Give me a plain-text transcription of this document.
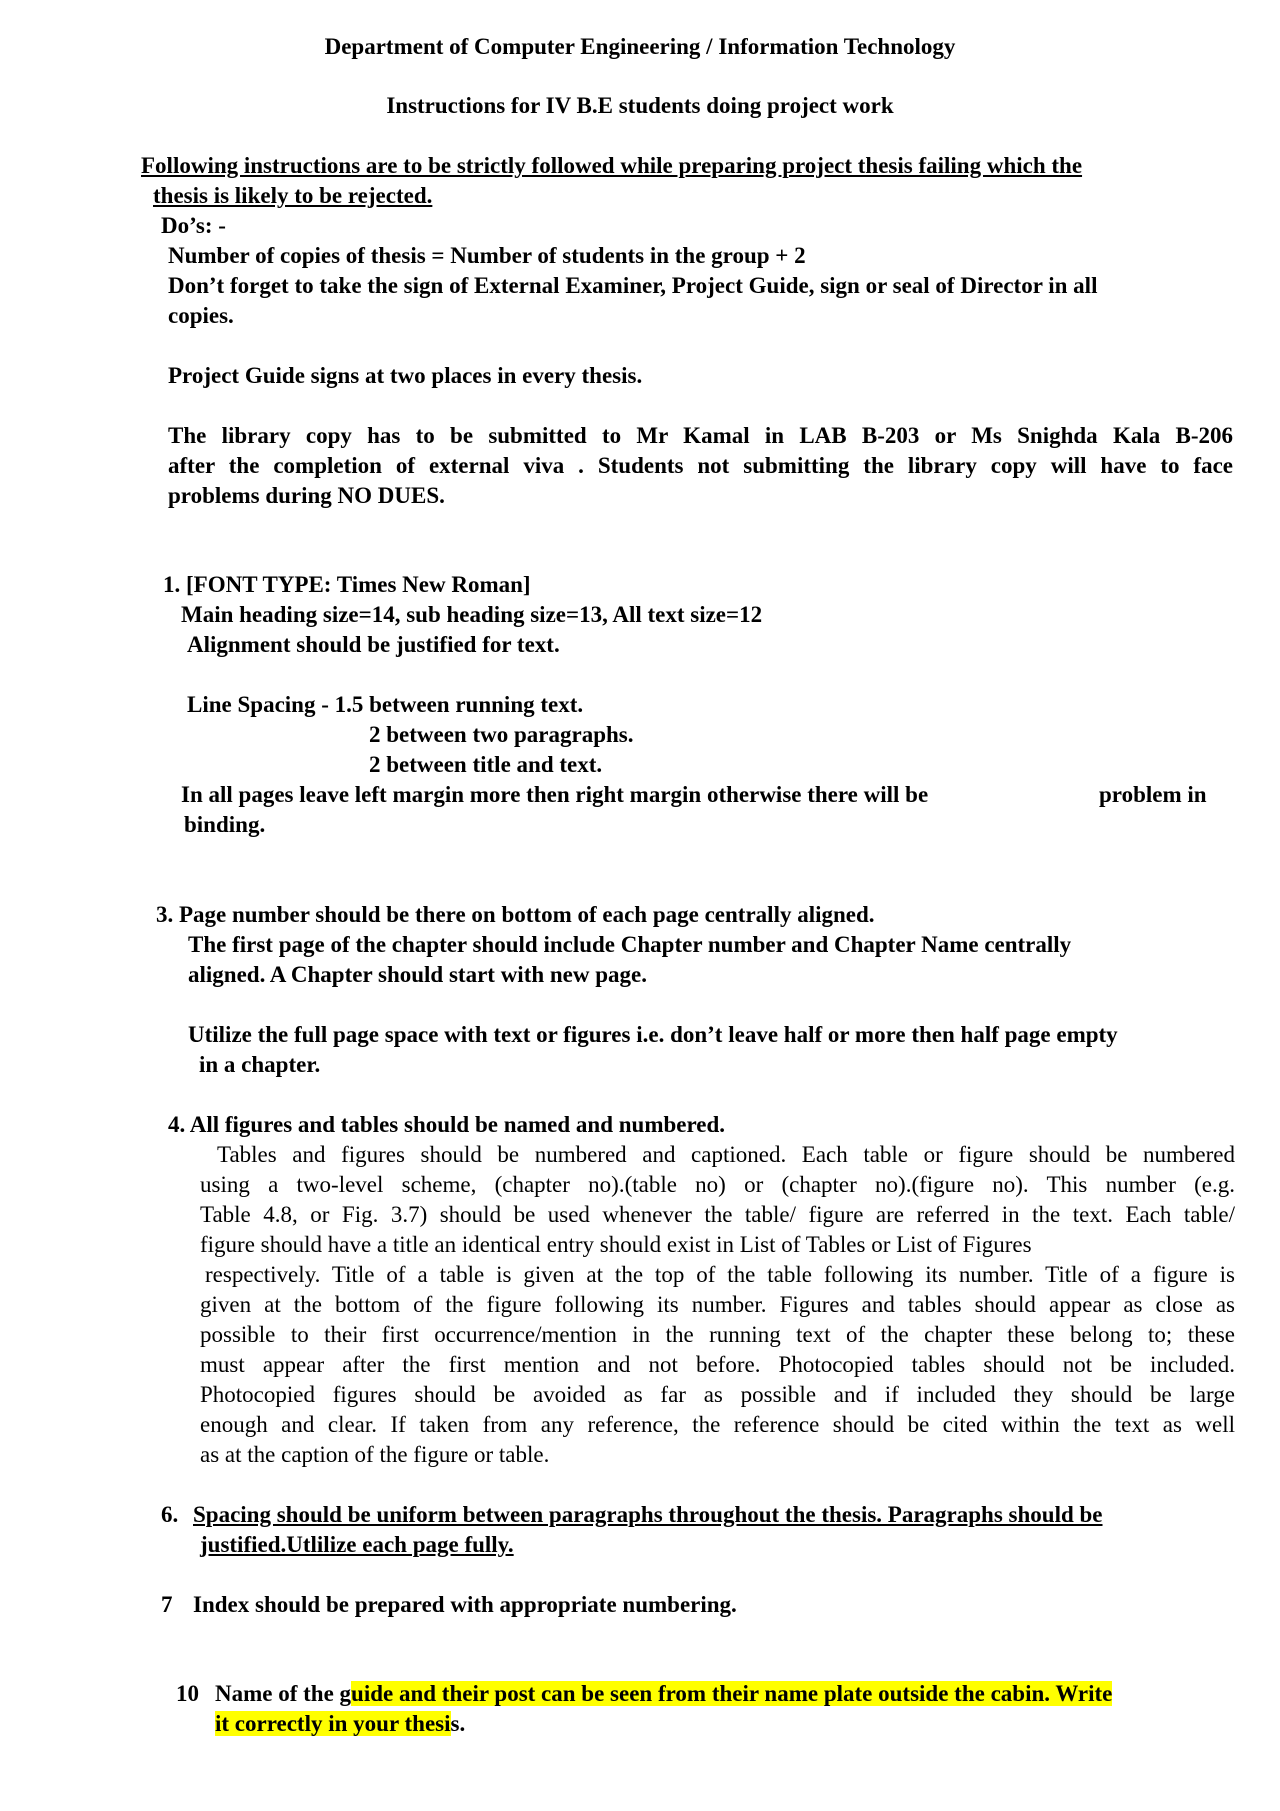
Department of Computer Engineering / Information Technology
Instructions for IV B.E students doing project work
Following instructions are to be strictly followed while preparing project thesis failing which the
thesis is likely to be rejected.
Do’s: -
Number of copies of thesis = Number of students in the group + 2
Don’t forget to take the sign of External Examiner, Project Guide, sign or seal of Director in all
copies.
Project Guide signs at two places in every thesis.
The library copy has to be submitted to Mr Kamal in LAB B-203 or Ms Snighda Kala B-206
after the completion of external viva . Students not submitting the library copy will have to face
problems during NO DUES.
1. [FONT TYPE: Times New Roman]
Main heading size=14, sub heading size=13, All text size=12
Alignment should be justified for text.
Line Spacing - 1.5 between running text.
2 between two paragraphs.
2 between title and text.
In all pages leave left margin more then right margin otherwise there will be	problem in
binding.
3. Page number should be there on bottom of each page centrally aligned.
The first page of the chapter should include Chapter number and Chapter Name centrally
aligned. A Chapter should start with new page.
Utilize the full page space with text or figures i.e. don’t leave half or more then half page empty
in a chapter.
4. All figures and tables should be named and numbered.
Tables and figures should be numbered and captioned. Each table or figure should be numbered
using a two-level scheme, (chapter no).(table no) or (chapter no).(figure no). This number (e.g.
Table 4.8, or Fig. 3.7) should be used whenever the table/ figure are referred in the text. Each table/
figure should have a title an identical entry should exist in List of Tables or List of Figures
respectively. Title of a table is given at the top of the table following its number. Title of a figure is
given at the bottom of the figure following its number. Figures and tables should appear as close as
possible to their first occurrence/mention in the running text of the chapter these belong to; these
must appear after the first mention and not before. Photocopied tables should not be included.
Photocopied figures should be avoided as far as possible and if included they should be large
enough and clear. If taken from any reference, the reference should be cited within the text as well
as at the caption of the figure or table.
6. Spacing should be uniform between paragraphs throughout the thesis. Paragraphs should be
justified.Utlilize each page fully.
7 Index should be prepared with appropriate numbering.
10 Name of the guide and their post can be seen from their name plate outside the cabin. Write
it correctly in your thesis.
